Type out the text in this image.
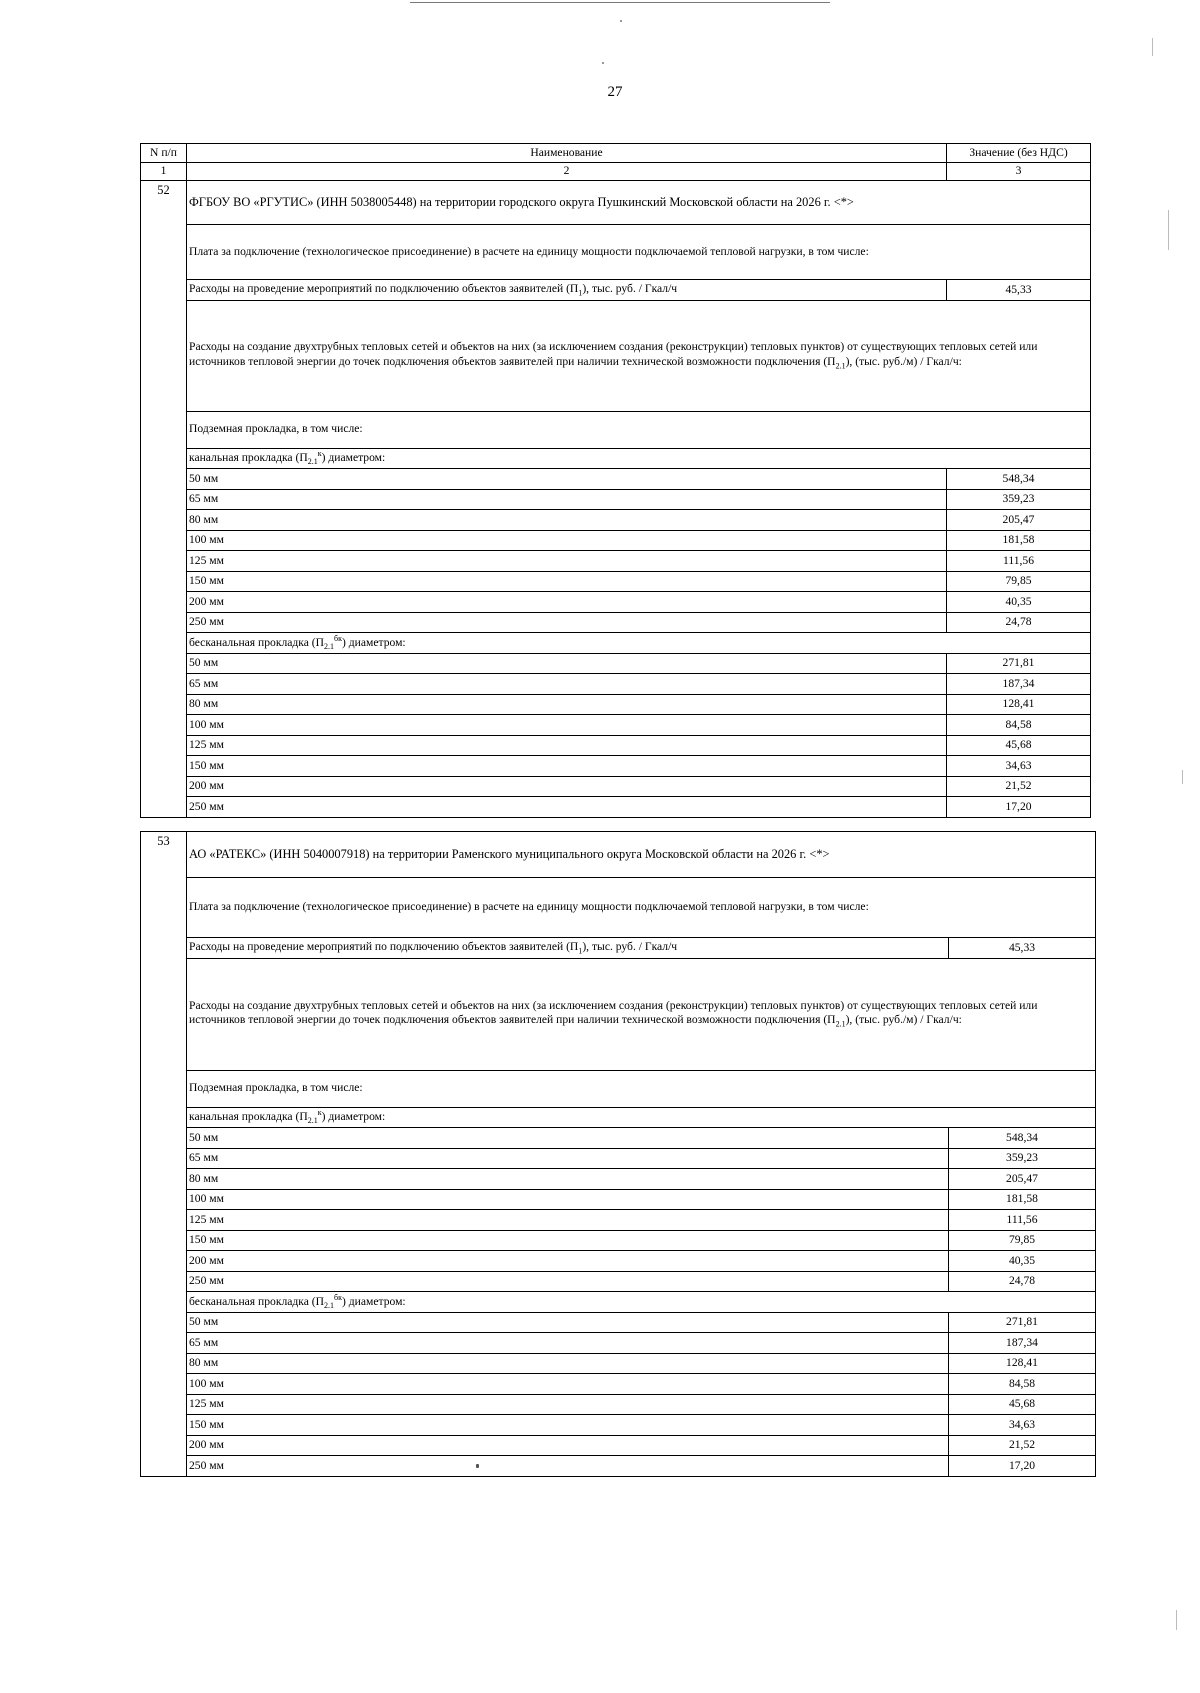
27
N п/п	Наименование	Значение (без НДС)
1	2	3
52	ФГБОУ ВО «РГУТИС» (ИНН 5038005448) на территории городского округа Пушкинский Московской области на 2026 г. <*>	
	Плата за подключение (технологическое присоединение) в расчете на единицу мощности подключаемой тепловой нагрузки, в том числе:	
	Расходы на проведение мероприятий по подключению объектов заявителей $(П_1)$, тыс. руб. / Гкал/ч	45,33
	Расходы на создание двухтрубных тепловых сетей и объектов на них (за исключением создания (реконструкции) тепловых пунктов) от существующих тепловых сетей или источников тепловой энергии до точек подключения объектов заявителей при наличии технической возможности подключения $(П_{2.1})$, (тыс. руб./м) / Гкал/ч:	
	Подземная прокладка, в том числе:	
	канальная прокладка $(П_{2.1}^к)$ диаметром:	
	50 мм	548,34
	65 мм	359,23
	80 мм	205,47
	100 мм	181,58
	125 мм	111,56
	150 мм	79,85
	200 мм	40,35
	250 мм	24,78
	бесканальная прокладка $(П_{2.1}^{бк})$ диаметром:	
	50 мм	271,81
	65 мм	187,34
	80 мм	128,41
	100 мм	84,58
	125 мм	45,68
	150 мм	34,63
	200 мм	21,52
	250 мм	17,20
53	АО «РАТЕКС» (ИНН 5040007918) на территории Раменского муниципального округа Московской области на 2026 г. <*>	
	Плата за подключение (технологическое присоединение) в расчете на единицу мощности подключаемой тепловой нагрузки, в том числе:	
	Расходы на проведение мероприятий по подключению объектов заявителей $(П_1)$, тыс. руб. / Гкал/ч	45,33
	Расходы на создание двухтрубных тепловых сетей и объектов на них (за исключением создания (реконструкции) тепловых пунктов) от существующих тепловых сетей или источников тепловой энергии до точек подключения объектов заявителей при наличии технической возможности подключения $(П_{2.1})$, (тыс. руб./м) / Гкал/ч:	
	Подземная прокладка, в том числе:	
	канальная прокладка $(П_{2.1}^к)$ диаметром:	
	50 мм	548,34
	65 мм	359,23
	80 мм	205,47
	100 мм	181,58
	125 мм	111,56
	150 мм	79,85
	200 мм	40,35
	250 мм	24,78
	бесканальная прокладка $(П_{2.1}^{бк})$ диаметром:	
	50 мм	271,81
	65 мм	187,34
	80 мм	128,41
	100 мм	84,58
	125 мм	45,68
	150 мм	34,63
	200 мм	21,52
	250 мм	17,20
